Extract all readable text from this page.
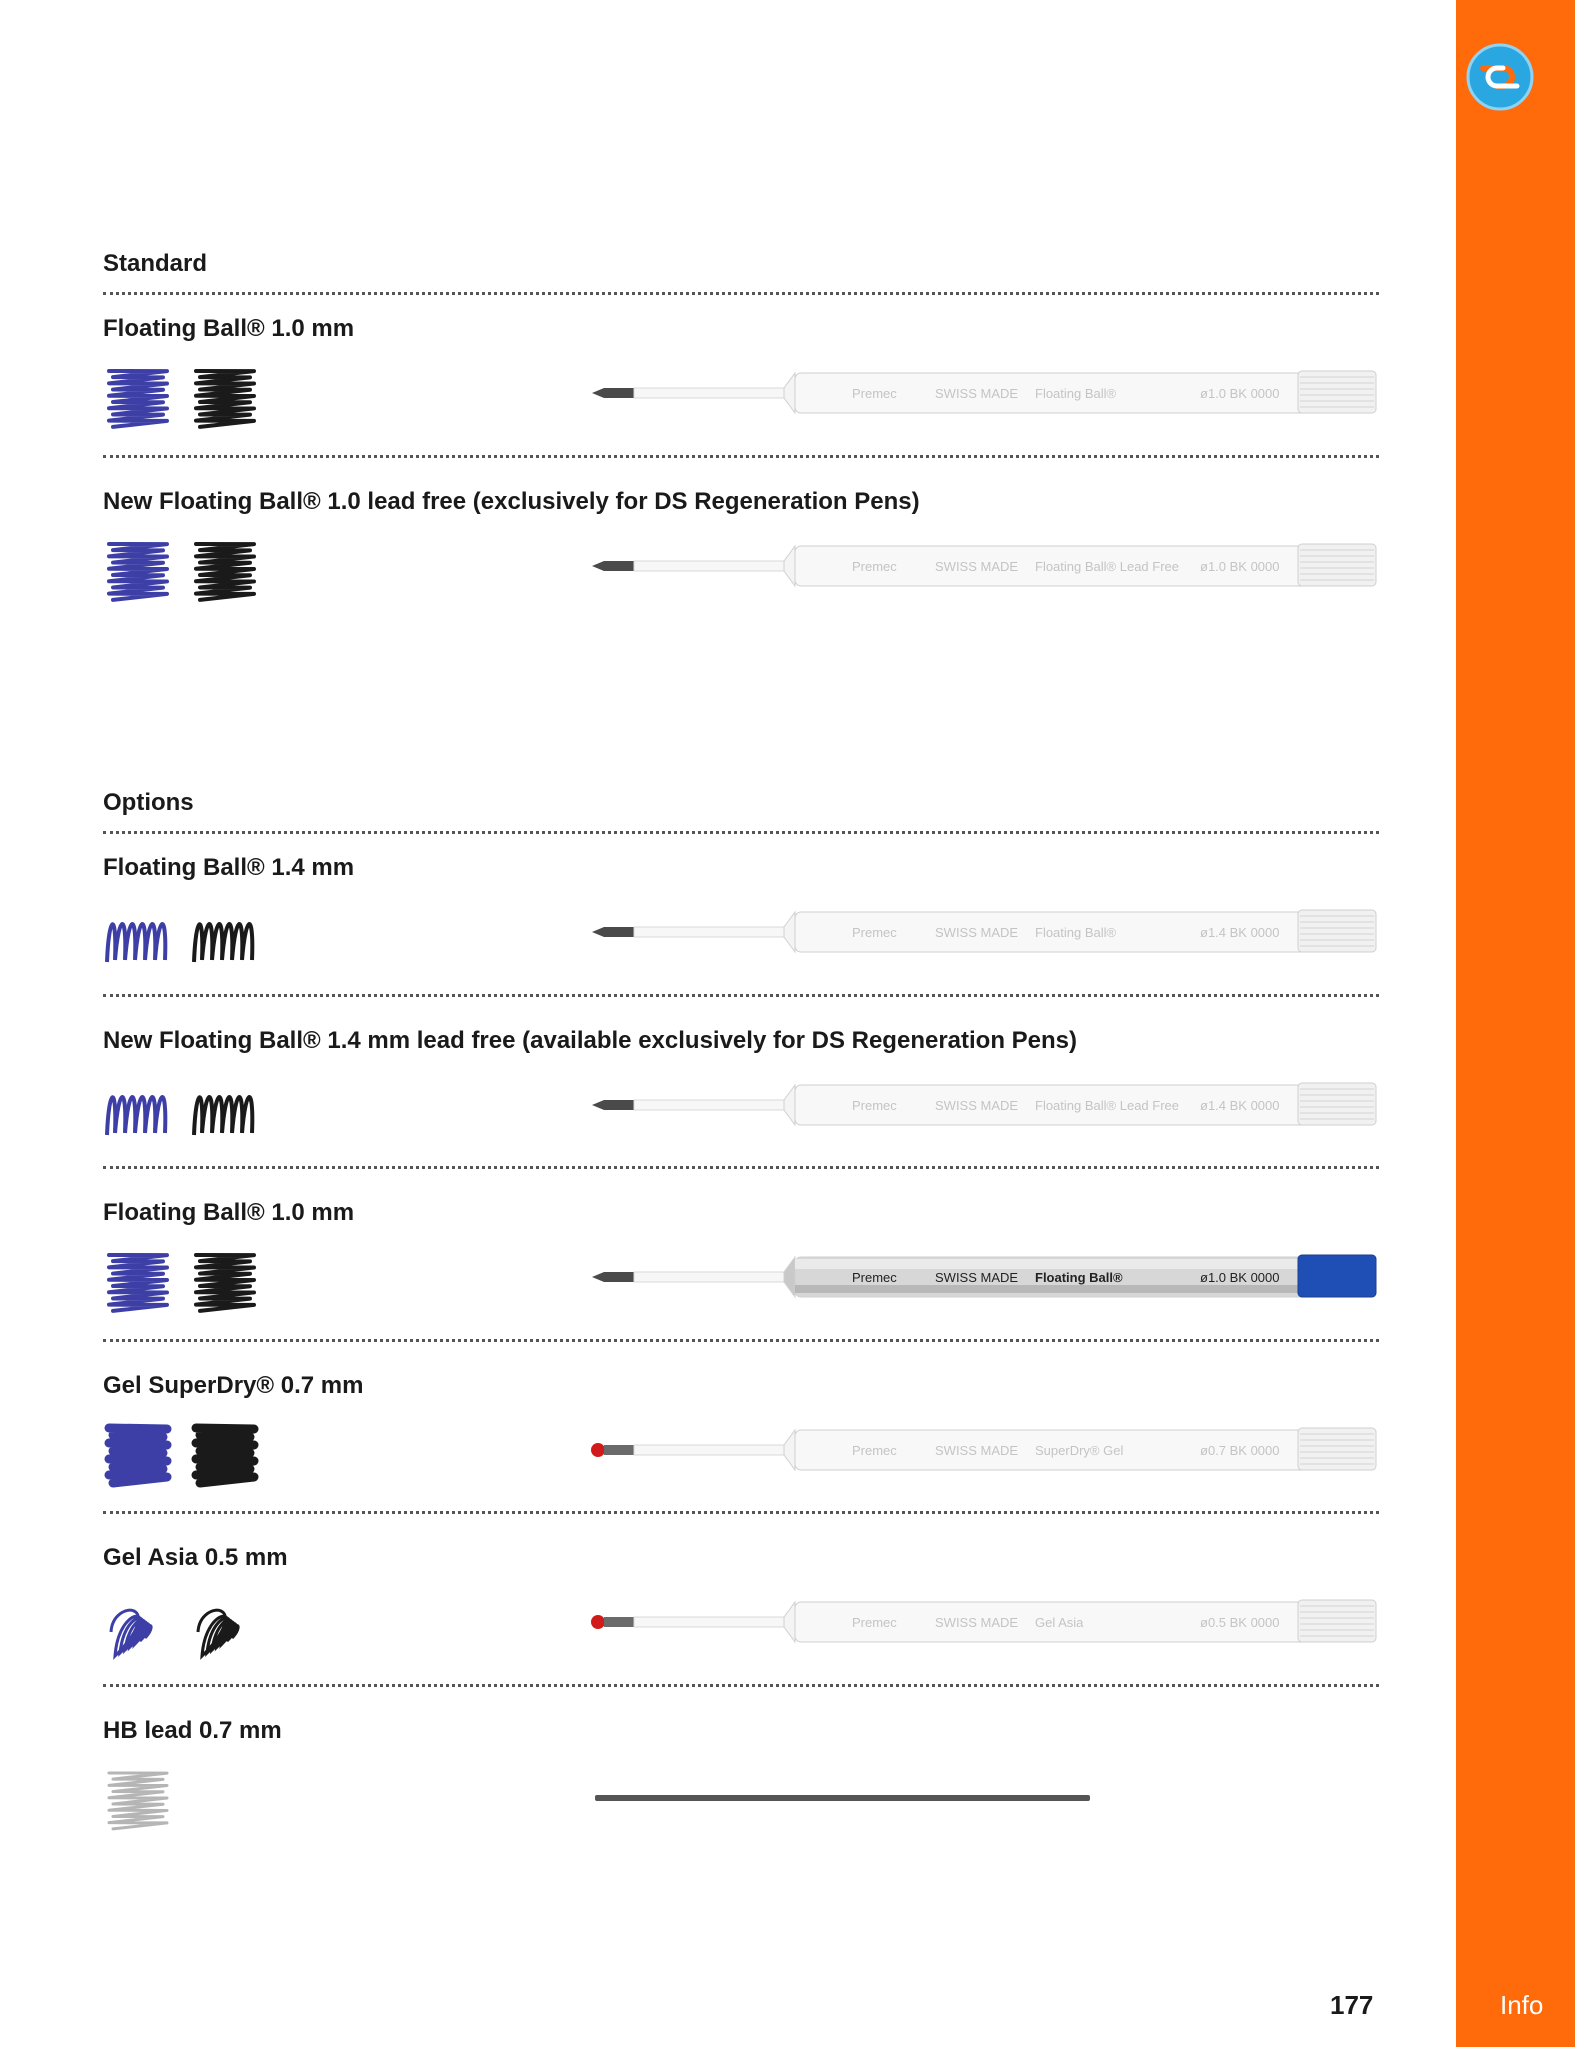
Info
177
Standard
Floating Ball® 1.0 mm
Premec	SWISS MADE Floating Ball®	ø1.0 BK 0000
New Floating Ball® 1.0 lead free (exclusively for DS Regeneration Pens)
Premec	SWISS MADE Floating Ball® Lead Free ø1.0 BK 0000
Options
Floating Ball® 1.4 mm
Premec	SWISS MADE Floating Ball®	ø1.4 BK 0000
New Floating Ball® 1.4 mm lead free (available exclusively for DS Regeneration Pens)
Premec	SWISS MADE Floating Ball® Lead Free ø1.4 BK 0000
Floating Ball® 1.0 mm
Premec	SWISS MADE Floating Ball®	ø1.0 BK 0000
Gel SuperDry® 0.7 mm
Premec	SWISS MADE SuperDry® Gel	ø0.7 BK 0000
Gel Asia 0.5 mm
Premec	SWISS MADE Gel Asia	ø0.5 BK 0000
HB lead 0.7 mm
